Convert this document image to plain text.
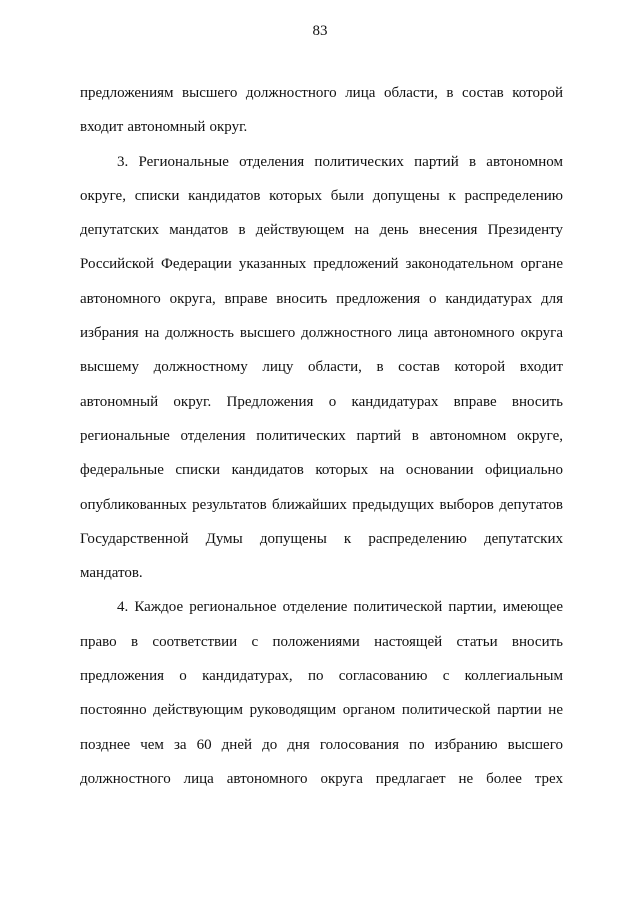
83

предложениям высшего должностного лица области, в состав которой входит автономный округ.

3. Региональные отделения политических партий в автономном округе, списки кандидатов которых были допущены к распределению депутатских мандатов в действующем на день внесения Президенту Российской Федерации указанных предложений законодательном органе автономного округа, вправе вносить предложения о кандидатурах для избрания на должность высшего должностного лица автономного округа высшему должностному лицу области, в состав которой входит автономный округ. Предложения о кандидатурах вправе вносить региональные отделения политических партий в автономном округе, федеральные списки кандидатов которых на основании официально опубликованных результатов ближайших предыдущих выборов депутатов Государственной Думы допущены к распределению депутатских мандатов.

4. Каждое региональное отделение политической партии, имеющее право в соответствии с положениями настоящей статьи вносить предложения о кандидатурах, по согласованию с коллегиальным постоянно действующим руководящим органом политической партии не позднее чем за 60 дней до дня голосования по избранию высшего должностного лица автономного округа предлагает не более трех
